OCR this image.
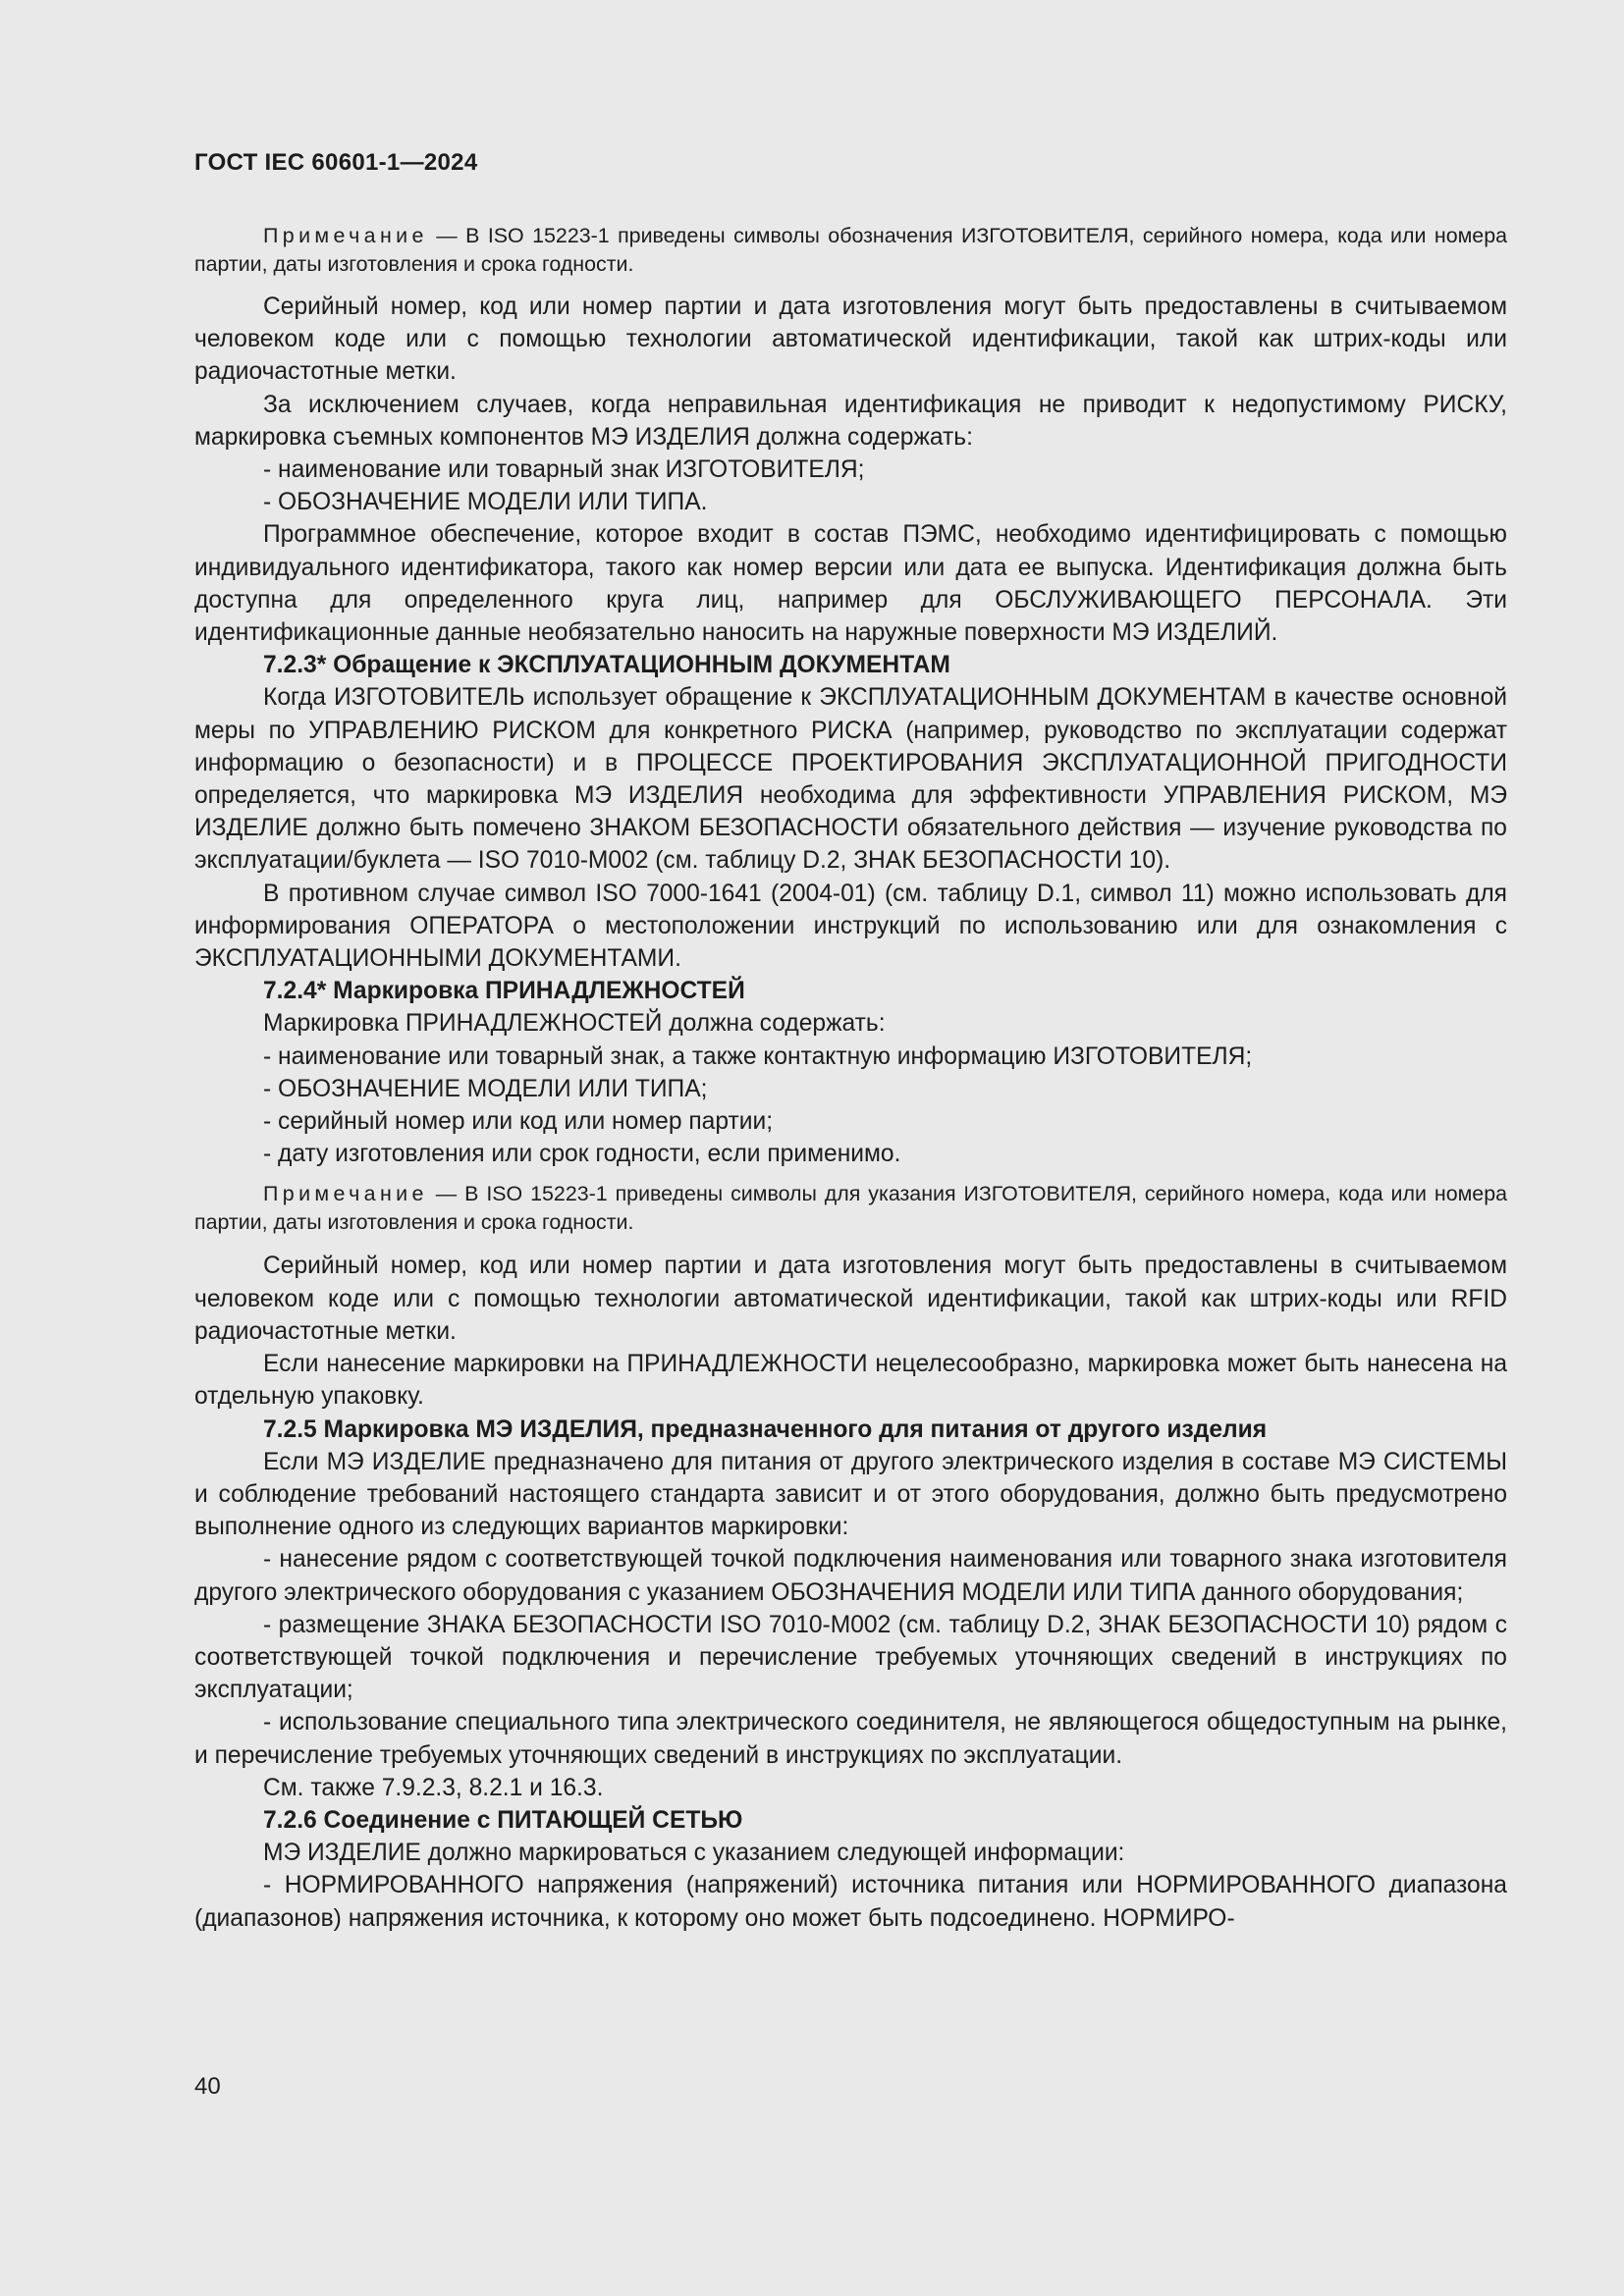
ГОСТ IEC 60601-1—2024

Примечание — В ISO 15223-1 приведены символы обозначения ИЗГОТОВИТЕЛЯ, серийного номера, кода или номера партии, даты изготовления и срока годности.

Серийный номер, код или номер партии и дата изготовления могут быть предоставлены в считываемом человеком коде или с помощью технологии автоматической идентификации, такой как штрих-коды или радиочастотные метки.

За исключением случаев, когда неправильная идентификация не приводит к недопустимому РИСКУ, маркировка съемных компонентов МЭ ИЗДЕЛИЯ должна содержать:

- наименование или товарный знак ИЗГОТОВИТЕЛЯ;

- ОБОЗНАЧЕНИЕ МОДЕЛИ ИЛИ ТИПА.

Программное обеспечение, которое входит в состав ПЭМС, необходимо идентифицировать с помощью индивидуального идентификатора, такого как номер версии или дата ее выпуска. Идентификация должна быть доступна для определенного круга лиц, например для ОБСЛУЖИВАЮЩЕГО ПЕРСОНАЛА. Эти идентификационные данные необязательно наносить на наружные поверхности МЭ ИЗДЕЛИЙ.

7.2.3* Обращение к ЭКСПЛУАТАЦИОННЫМ ДОКУМЕНТАМ

Когда ИЗГОТОВИТЕЛЬ использует обращение к ЭКСПЛУАТАЦИОННЫМ ДОКУМЕНТАМ в качестве основной меры по УПРАВЛЕНИЮ РИСКОМ для конкретного РИСКА (например, руководство по эксплуатации содержат информацию о безопасности) и в ПРОЦЕССЕ ПРОЕКТИРОВАНИЯ ЭКСПЛУАТАЦИОННОЙ ПРИГОДНОСТИ определяется, что маркировка МЭ ИЗДЕЛИЯ необходима для эффективности УПРАВЛЕНИЯ РИСКОМ, МЭ ИЗДЕЛИЕ должно быть помечено ЗНАКОМ БЕЗОПАСНОСТИ обязательного действия — изучение руководства по эксплуатации/буклета — ISO 7010-M002 (см. таблицу D.2, ЗНАК БЕЗОПАСНОСТИ 10).

В противном случае символ ISO 7000-1641 (2004-01) (см. таблицу D.1, символ 11) можно использовать для информирования ОПЕРАТОРА о местоположении инструкций по использованию или для ознакомления с ЭКСПЛУАТАЦИОННЫМИ ДОКУМЕНТАМИ.

7.2.4* Маркировка ПРИНАДЛЕЖНОСТЕЙ

Маркировка ПРИНАДЛЕЖНОСТЕЙ должна содержать:

- наименование или товарный знак, а также контактную информацию ИЗГОТОВИТЕЛЯ;

- ОБОЗНАЧЕНИЕ МОДЕЛИ ИЛИ ТИПА;

- серийный номер или код или номер партии;

- дату изготовления или срок годности, если применимо.

Примечание — В ISO 15223-1 приведены символы для указания ИЗГОТОВИТЕЛЯ, серийного номера, кода или номера партии, даты изготовления и срока годности.

Серийный номер, код или номер партии и дата изготовления могут быть предоставлены в считываемом человеком коде или с помощью технологии автоматической идентификации, такой как штрих-коды или RFID радиочастотные метки.

Если нанесение маркировки на ПРИНАДЛЕЖНОСТИ нецелесообразно, маркировка может быть нанесена на отдельную упаковку.

7.2.5 Маркировка МЭ ИЗДЕЛИЯ, предназначенного для питания от другого изделия

Если МЭ ИЗДЕЛИЕ предназначено для питания от другого электрического изделия в составе МЭ СИСТЕМЫ и соблюдение требований настоящего стандарта зависит и от этого оборудования, должно быть предусмотрено выполнение одного из следующих вариантов маркировки:

- нанесение рядом с соответствующей точкой подключения наименования или товарного знака изготовителя другого электрического оборудования с указанием ОБОЗНАЧЕНИЯ МОДЕЛИ ИЛИ ТИПА данного оборудования;

- размещение ЗНАКА БЕЗОПАСНОСТИ ISO 7010-M002 (см. таблицу D.2, ЗНАК БЕЗОПАСНОСТИ 10) рядом с соответствующей точкой подключения и перечисление требуемых уточняющих сведений в инструкциях по эксплуатации;

- использование специального типа электрического соединителя, не являющегося общедоступным на рынке, и перечисление требуемых уточняющих сведений в инструкциях по эксплуатации.

См. также 7.9.2.3, 8.2.1 и 16.3.

7.2.6 Соединение с ПИТАЮЩЕЙ СЕТЬЮ

МЭ ИЗДЕЛИЕ должно маркироваться с указанием следующей информации:

- НОРМИРОВАННОГО напряжения (напряжений) источника питания или НОРМИРОВАННОГО диапазона (диапазонов) напряжения источника, к которому оно может быть подсоединено. НОРМИРО-

40
